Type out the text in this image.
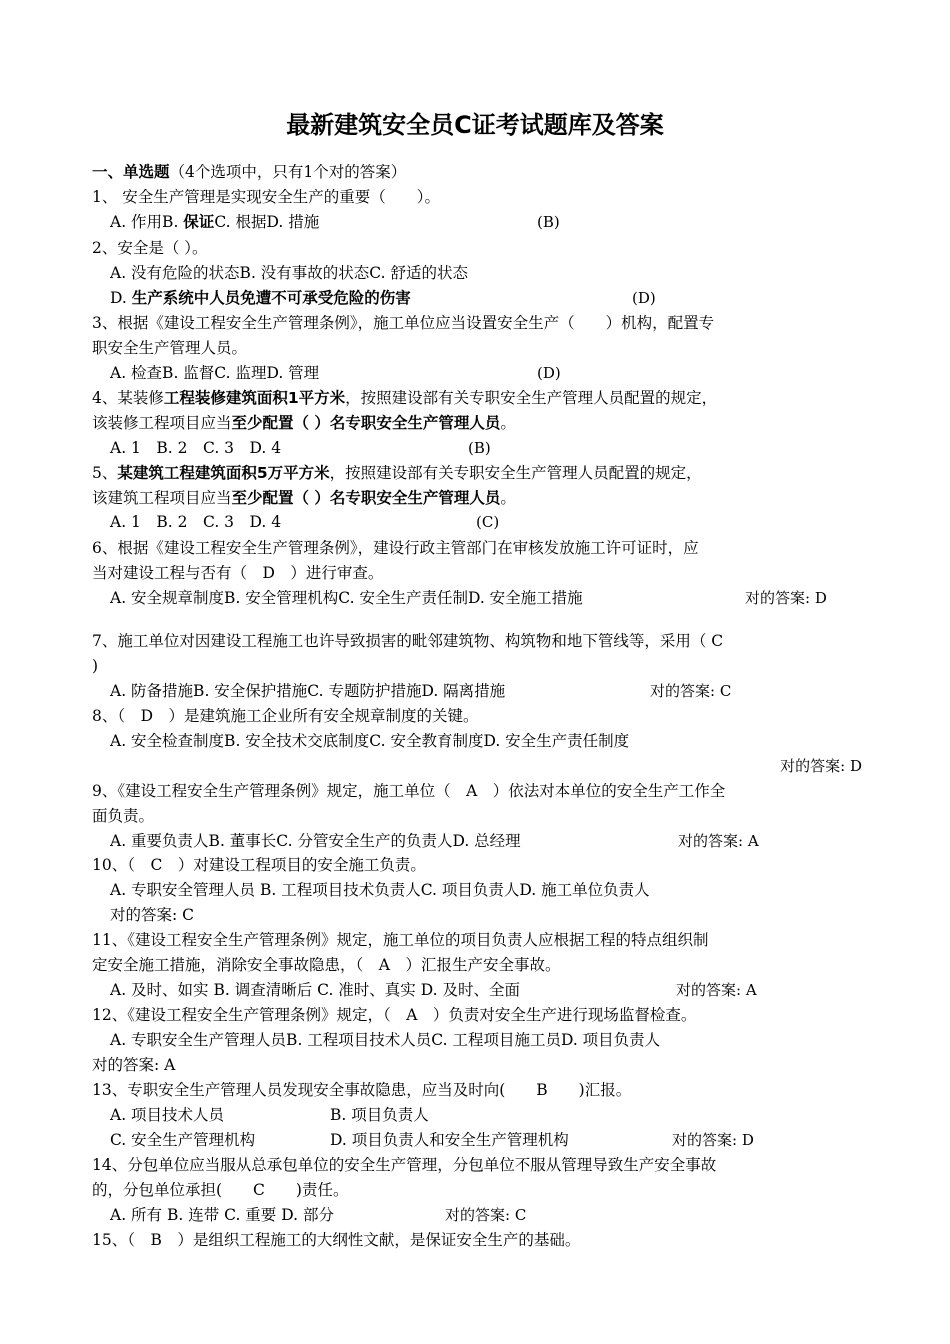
最新建筑安全员C证考试题库及答案
一、单选题（4个选项中，只有1个对的答案）
1、 安全生产管理是实现安全生产的重要（　　）。
A. 作用B. 保证C. 根据D. 措施	(B)
2、安全是（ ）。
A. 没有危险的状态B. 没有事故的状态C. 舒适的状态
D. 生产系统中人员免遭不可承受危险的伤害	(D)
3、根据《建设工程安全生产管理条例》，施工单位应当设置安全生产（　　）机构，配置专
职安全生产管理人员。
A. 检查B. 监督C. 监理D. 管理	(D)
4、某装修工程装修建筑面积1平方米，按照建设部有关专职安全生产管理人员配置的规定，
该装修工程项目应当至少配置（ ）名专职安全生产管理人员。
A. 1　B. 2　C. 3　D. 4	(B)
5、某建筑工程建筑面积5万平方米，按照建设部有关专职安全生产管理人员配置的规定，
该建筑工程项目应当至少配置（ ）名专职安全生产管理人员。
A. 1　B. 2　C. 3　D. 4	(C)
6、根据《建设工程安全生产管理条例》，建设行政主管部门在审核发放施工许可证时，应
当对建设工程与否有（　D　）进行审查。
A. 安全规章制度B. 安全管理机构C. 安全生产责任制D. 安全施工措施	对的答案: D
7、施工单位对因建设工程施工也许导致损害的毗邻建筑物、构筑物和地下管线等，采用（ C
)
A. 防备措施B. 安全保护措施C. 专题防护措施D. 隔离措施	对的答案: C
8、（　D　）是建筑施工企业所有安全规章制度的关键。
A. 安全检查制度B. 安全技术交底制度C. 安全教育制度D. 安全生产责任制度
对的答案: D
9、《建设工程安全生产管理条例》规定，施工单位（　A　）依法对本单位的安全生产工作全
面负责。
A. 重要负责人B. 董事长C. 分管安全生产的负责人D. 总经理	对的答案: A
10、（　C　）对建设工程项目的安全施工负责。
A. 专职安全管理人员 B. 工程项目技术负责人C. 项目负责人D. 施工单位负责人
对的答案: C
11、《建设工程安全生产管理条例》规定，施工单位的项目负责人应根据工程的特点组织制
定安全施工措施，消除安全事故隐患，（　A　）汇报生产安全事故。
A. 及时、如实 B. 调查清晰后 C. 准时、真实 D. 及时、全面	对的答案: A
12、《建设工程安全生产管理条例》规定，（　A　）负责对安全生产进行现场监督检查。
A. 专职安全生产管理人员B. 工程项目技术人员C. 工程项目施工员D. 项目负责人
对的答案: A
13、专职安全生产管理人员发现安全事故隐患，应当及时向(　　B　　)汇报。
A. 项目技术人员	B. 项目负责人
C. 安全生产管理机构	D. 项目负责人和安全生产管理机构	对的答案: D
14、分包单位应当服从总承包单位的安全生产管理，分包单位不服从管理导致生产安全事故
的，分包单位承担(　　C　　)责任。
A. 所有 B. 连带 C. 重要 D. 部分	对的答案: C
15、（　B　）是组织工程施工的大纲性文献，是保证安全生产的基础。
